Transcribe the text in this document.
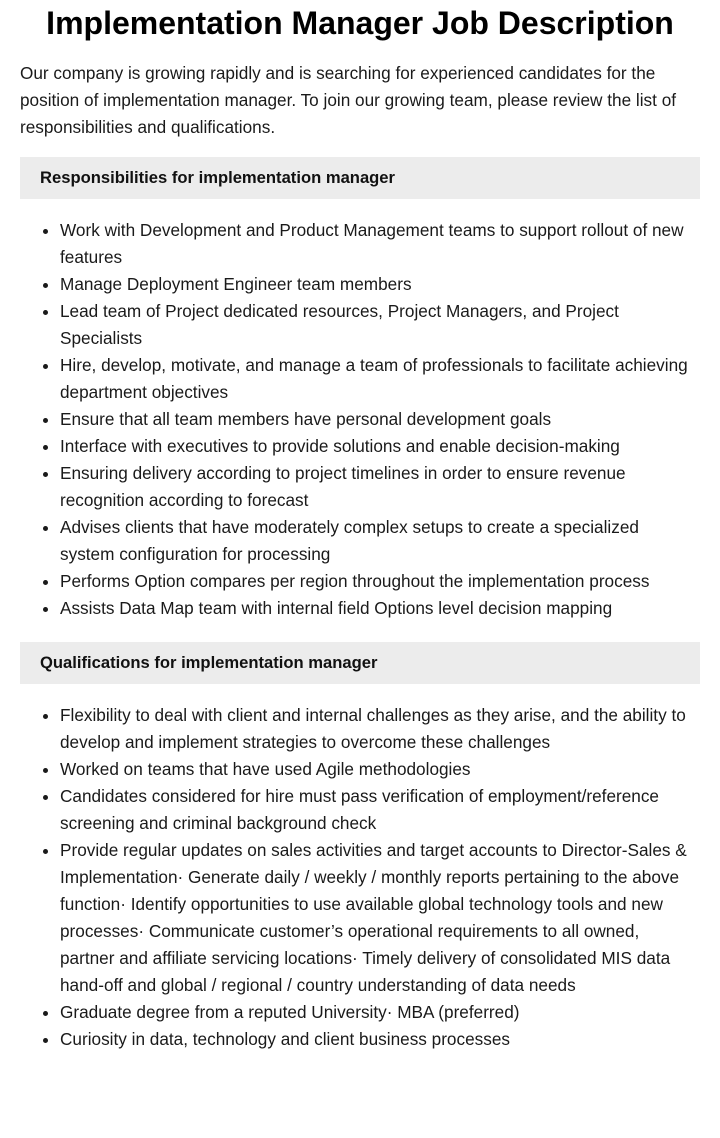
Implementation Manager Job Description

Our company is growing rapidly and is searching for experienced candidates for the position of implementation manager. To join our growing team, please review the list of responsibilities and qualifications.

Responsibilities for implementation manager
Work with Development and Product Management teams to support rollout of new features
Manage Deployment Engineer team members
Lead team of Project dedicated resources, Project Managers, and Project Specialists
Hire, develop, motivate, and manage a team of professionals to facilitate achieving department objectives
Ensure that all team members have personal development goals
Interface with executives to provide solutions and enable decision-making
Ensuring delivery according to project timelines in order to ensure revenue recognition according to forecast
Advises clients that have moderately complex setups to create a specialized system configuration for processing
Performs Option compares per region throughout the implementation process
Assists Data Map team with internal field Options level decision mapping
Qualifications for implementation manager
Flexibility to deal with client and internal challenges as they arise, and the ability to develop and implement strategies to overcome these challenges
Worked on teams that have used Agile methodologies
Candidates considered for hire must pass verification of employment/reference screening and criminal background check
Provide regular updates on sales activities and target accounts to Director-Sales & Implementation· Generate daily / weekly / monthly reports pertaining to the above function· Identify opportunities to use available global technology tools and new processes· Communicate customer’s operational requirements to all owned, partner and affiliate servicing locations· Timely delivery of consolidated MIS data hand-off and global / regional / country understanding of data needs
Graduate degree from a reputed University· MBA (preferred)
Curiosity in data, technology and client business processes
